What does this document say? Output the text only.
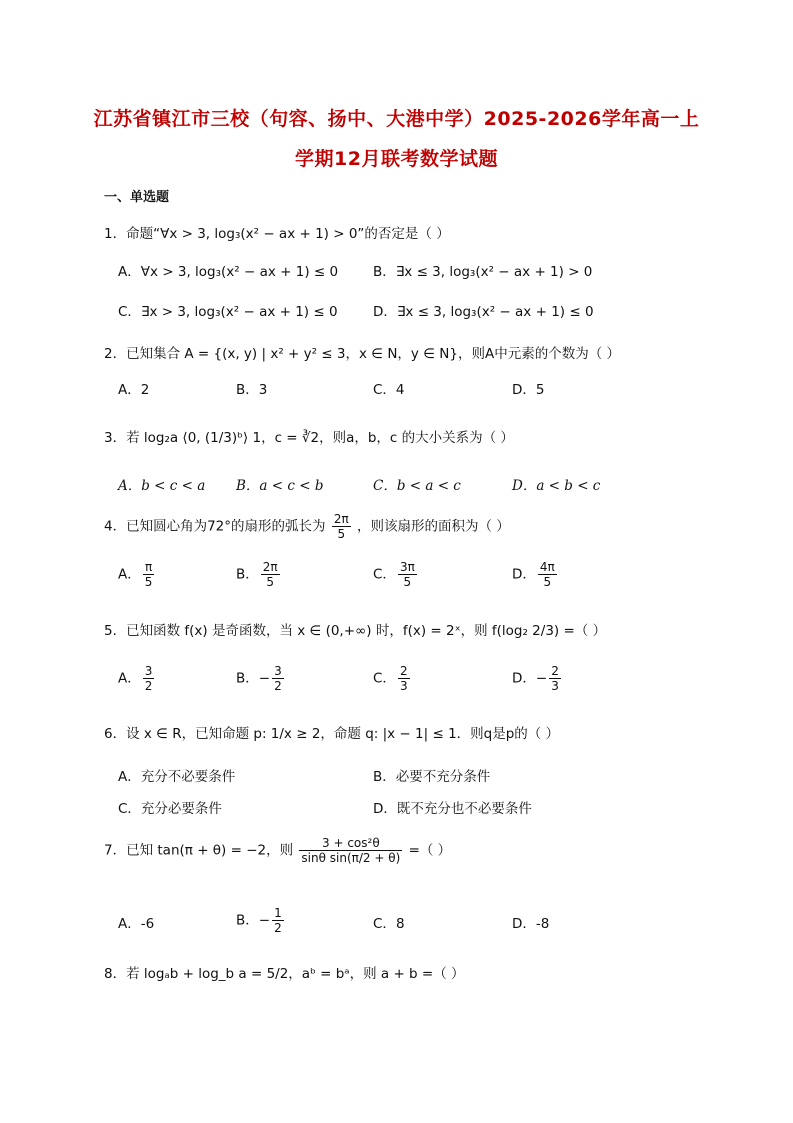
江苏省镇江市三校（句容、扬中、大港中学）2025-2026学年高一上
学期12月联考数学试题
一、单选题
1．命题“∀x > 3, log₃(x² − ax + 1) > 0”的否定是（ ）
A．∀x > 3, log₃(x² − ax + 1) ≤ 0	B．∃x ≤ 3, log₃(x² − ax + 1) > 0
C．∃x > 3, log₃(x² − ax + 1) ≤ 0	D．∃x ≤ 3, log₃(x² − ax + 1) ≤ 0
2．已知集合 A = {(x, y) | x² + y² ≤ 3，x ∈ N，y ∈ N}，则A中元素的个数为（ ）
A．2	B．3	C．4	D．5
3．若 log₂a ⟨0, (1/3)ᵇ⟩ 1，c = ∛2，则a，b，c 的大小关系为（ ）
A．b < c < a B．a < c < b	C．b < a < c	D．a < b < c
4．已知圆心角为72°的扇形的弧长为 $\frac{2\pi}{5}$ ，则该扇形的面积为（ ）
A． $\frac{\pi}{5}$	B． $\frac{2\pi}{5}$	C． $\frac{3\pi}{5}$	D． $\frac{4\pi}{5}$
5．已知函数 f(x) 是奇函数，当 x ∈ (0,+∞) 时，f(x) = 2ˣ，则 f(log₂ 2/3) =（ ）
A． $\frac{3}{2}$	B．− $\frac{3}{2}$	C． $\frac{2}{3}$	D．− $\frac{2}{3}$
6．设 x ∈ R，已知命题 p: 1/x ≥ 2，命题 q: |x − 1| ≤ 1．则q是p的（ ）
A．充分不必要条件	B．必要不充分条件
C．充分必要条件	D．既不充分也不必要条件
7．已知 tan(π + θ) = −2，则 $\frac{\text{3 + cos²θ}}{\text{sinθ sin(π/2 + θ)}}$ =（ ）
A．-6	B．− $\frac{1}{2}$	C．8	D．-8
8．若 logₐb + log_b a = 5/2，aᵇ = bᵃ，则 a + b =（ ）
